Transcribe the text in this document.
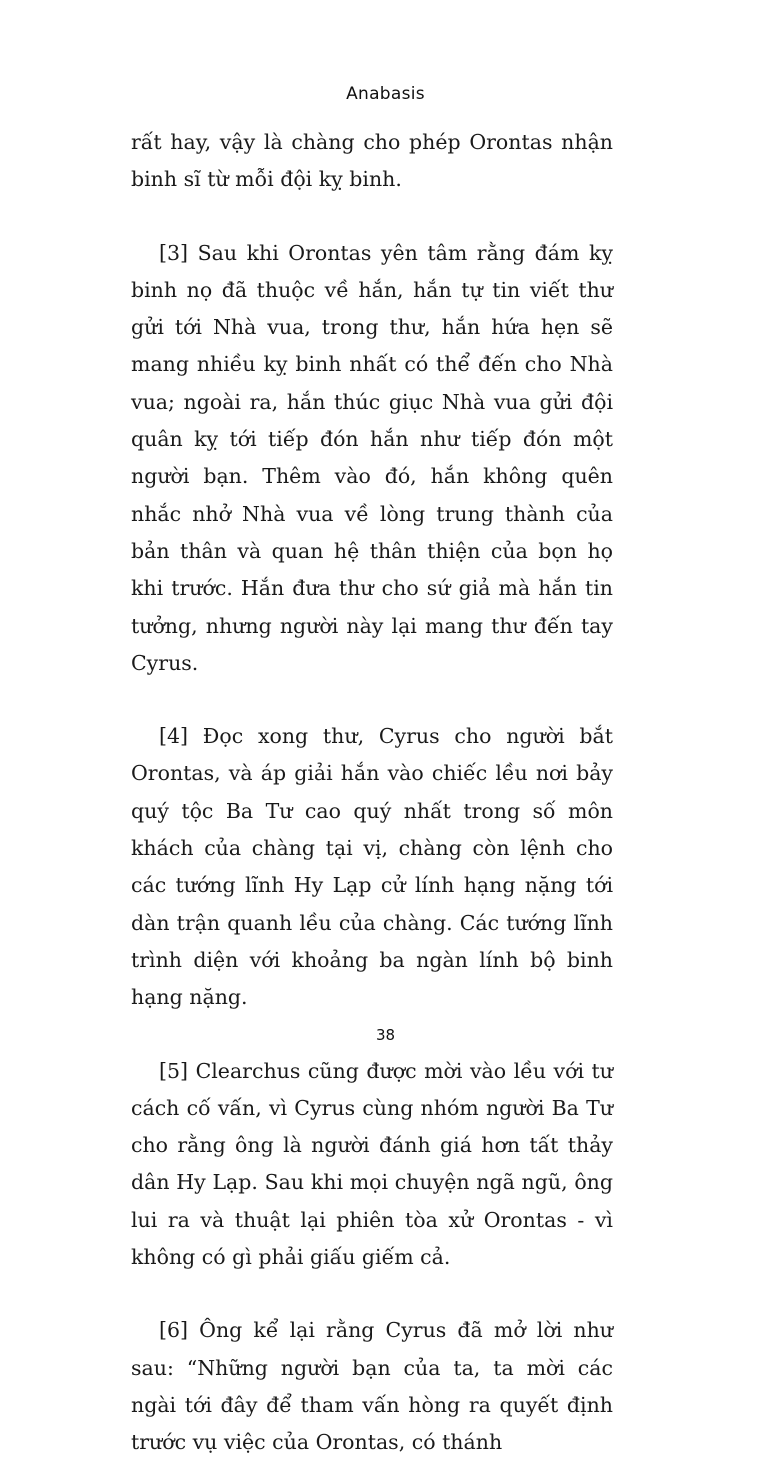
Anabasis

rất hay, vậy là chàng cho phép Orontas nhận binh sĩ từ mỗi đội kỵ binh.

[3] Sau khi Orontas yên tâm rằng đám kỵ binh nọ đã thuộc về hắn, hắn tự tin viết thư gửi tới Nhà vua, trong thư, hắn hứa hẹn sẽ mang nhiều kỵ binh nhất có thể đến cho Nhà vua; ngoài ra, hắn thúc giục Nhà vua gửi đội quân kỵ tới tiếp đón hắn như tiếp đón một người bạn. Thêm vào đó, hắn không quên nhắc nhở Nhà vua về lòng trung thành của bản thân và quan hệ thân thiện của bọn họ khi trước. Hắn đưa thư cho sứ giả mà hắn tin tưởng, nhưng người này lại mang thư đến tay Cyrus.

[4] Đọc xong thư, Cyrus cho người bắt Orontas, và áp giải hắn vào chiếc lều nơi bảy quý tộc Ba Tư cao quý nhất trong số môn khách của chàng tại vị, chàng còn lệnh cho các tướng lĩnh Hy Lạp cử lính hạng nặng tới dàn trận quanh lều của chàng. Các tướng lĩnh trình diện với khoảng ba ngàn lính bộ binh hạng nặng.

[5] Clearchus cũng được mời vào lều với tư cách cố vấn, vì Cyrus cùng nhóm người Ba Tư cho rằng ông là người đánh giá hơn tất thảy dân Hy Lạp. Sau khi mọi chuyện ngã ngũ, ông lui ra và thuật lại phiên tòa xử Orontas - vì không có gì phải giấu giếm cả.

[6] Ông kể lại rằng Cyrus đã mở lời như sau: “Những người bạn của ta, ta mời các ngài tới đây để tham vấn hòng ra quyết định trước vụ việc của Orontas, có thánh

38
